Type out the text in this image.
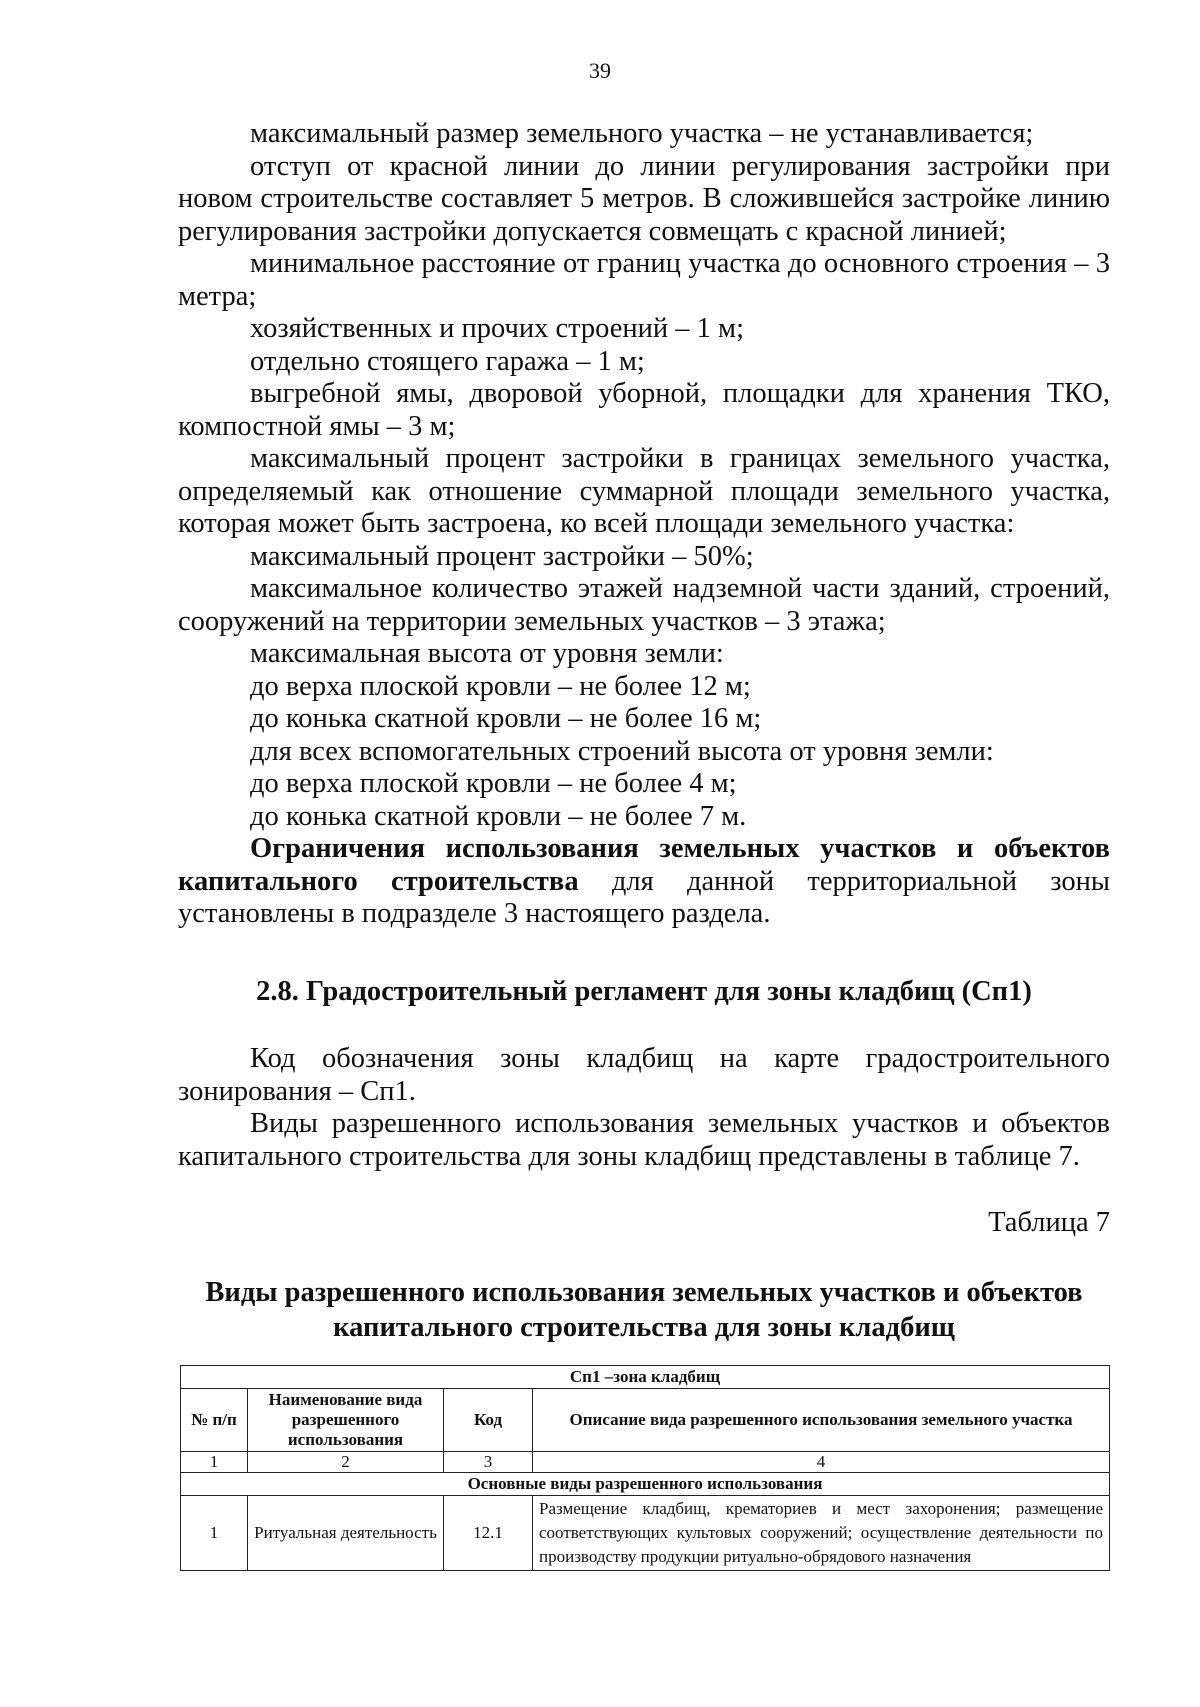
39

максимальный размер земельного участка – не устанавливается;

отступ от красной линии до линии регулирования застройки при новом строительстве составляет 5 метров. В сложившейся застройке линию регулирования застройки допускается совмещать с красной линией;

минимальное расстояние от границ участка до основного строения – 3 метра;

хозяйственных и прочих строений – 1 м;

отдельно стоящего гаража – 1 м;

выгребной ямы, дворовой уборной, площадки для хранения ТКО, компостной ямы – 3 м;

максимальный процент застройки в границах земельного участка, определяемый как отношение суммарной площади земельного участка, которая может быть застроена, ко всей площади земельного участка:

максимальный процент застройки – 50%;

максимальное количество этажей надземной части зданий, строений, сооружений на территории земельных участков – 3 этажа;

максимальная высота от уровня земли:

до верха плоской кровли – не более 12 м;

до конька скатной кровли – не более 16 м;

для всех вспомогательных строений высота от уровня земли:

до верха плоской кровли – не более 4 м;

до конька скатной кровли – не более 7 м.

Ограничения использования земельных участков и объектов капитального строительства для данной территориальной зоны установлены в подразделе 3 настоящего раздела.

2.8. Градостроительный регламент для зоны кладбищ (Сп1)

Код обозначения зоны кладбищ на карте градостроительного зонирования – Сп1.

Виды разрешенного использования земельных участков и объектов капитального строительства для зоны кладбищ представлены в таблице 7.

Таблица 7
Виды разрешенного использования земельных участков и объектов капитального строительства для зоны кладбищ
Сп1 –зона кладбищ			
№ п/п	Наименование вида разрешенного использования	Код	Описание вида разрешенного использования земельного участка
1	2	3	4
Основные виды разрешенного использования			
1	Ритуальная деятельность	12.1	Размещение кладбищ, крематориев и мест захоронения; размещение соответствующих культовых сооружений; осуществление деятельности по производству продукции ритуально-обрядового назначения
